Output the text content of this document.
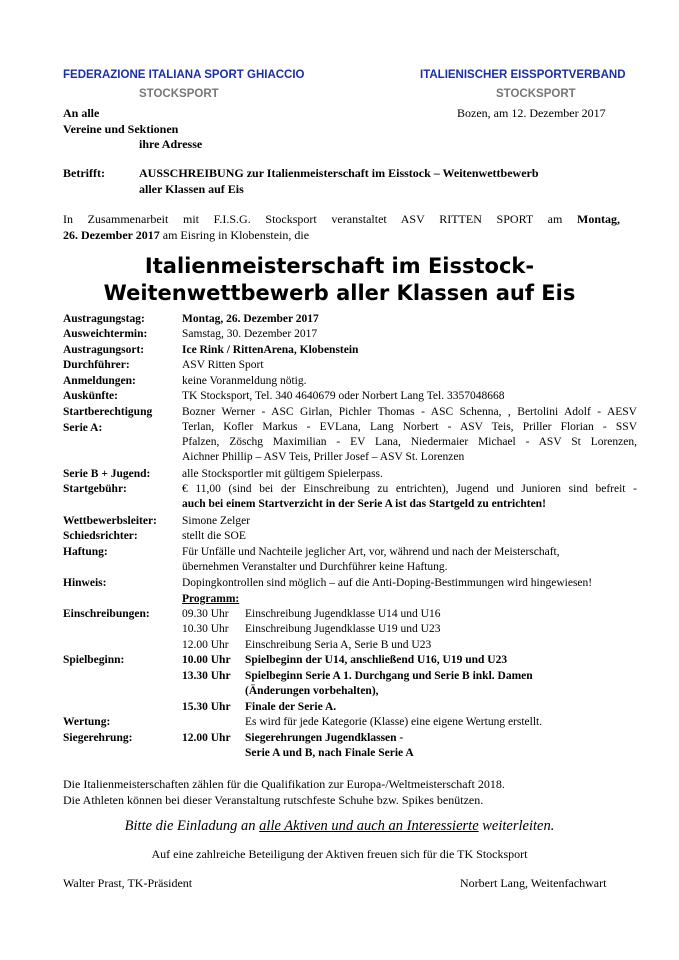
FEDERAZIONE ITALIANA SPORT GHIACCIO	ITALIENISCHER EISSPORTVERBAND
STOCKSPORT	STOCKSPORT
An alle
Vereine und Sektionen
ihre Adresse
Bozen, am 12. Dezember 2017
Betrifft:	AUSSCHREIBUNG zur Italienmeisterschaft im Eisstock – Weitenwettbewerb
aller Klassen auf Eis
In Zusammenarbeit mit F.I.S.G. Stocksport veranstaltet ASV RITTEN SPORT am Montag,
26. Dezember 2017 am Eisring in Klobenstein, die
Italienmeisterschaft im Eisstock-
Weitenwettbewerb aller Klassen auf Eis
Austragungstag:	Montag, 26. Dezember 2017
Ausweichtermin:	Samstag, 30. Dezember 2017
Austragungsort:	Ice Rink / RittenArena, Klobenstein
Durchführer:	ASV Ritten Sport
Anmeldungen:	keine Voranmeldung nötig.
Auskünfte:	TK Stocksport, Tel. 340 4640679 oder Norbert Lang Tel. 3357048668
Startberechtigung
Serie A:
Bozner Werner - ASC Girlan, Pichler Thomas - ASC Schenna, , Bertolini Adolf - AESV
Terlan, Kofler Markus - EVLana, Lang Norbert - ASV Teis, Priller Florian - SSV
Pfalzen, Zöschg Maximilian - EV Lana, Niedermaier Michael - ASV St Lorenzen,
Aichner Phillip – ASV Teis, Priller Josef – ASV St. Lorenzen
Serie B + Jugend:	alle Stocksportler mit gültigem Spielerpass.
Startgebühr:	€ 11,00 (sind bei der Einschreibung zu entrichten), Jugend und Junioren sind befreit -
auch bei einem Startverzicht in der Serie A ist das Startgeld zu entrichten!
Wettbewerbsleiter: Simone Zelger
Schiedsrichter:	stellt die SOE
Haftung:	Für Unfälle und Nachteile jeglicher Art, vor, während und nach der Meisterschaft,
übernehmen Veranstalter und Durchführer keine Haftung.
Hinweis:	Dopingkontrollen sind möglich – auf die Anti-Doping-Bestimmungen wird hingewiesen!
Programm:
Einschreibungen:	09.30 Uhr Einschreibung Jugendklasse U14 und U16
10.30 Uhr Einschreibung Jugendklasse U19 und U23
12.00 Uhr Einschreibung Seria A, Serie B und U23
Spielbeginn:	10.00 Uhr Spielbeginn der U14, anschließend U16, U19 und U23
13.30 Uhr Spielbeginn Serie A 1. Durchgang und Serie B inkl. Damen
(Änderungen vorbehalten),
15.30 Uhr Finale der Serie A.
Wertung:	Es wird für jede Kategorie (Klasse) eine eigene Wertung erstellt.
Siegerehrung:	12.00 Uhr Siegerehrungen Jugendklassen -
Serie A und B, nach Finale Serie A
Die Italienmeisterschaften zählen für die Qualifikation zur Europa-/Weltmeisterschaft 2018.
Die Athleten können bei dieser Veranstaltung rutschfeste Schuhe bzw. Spikes benützen.
Bitte die Einladung an alle Aktiven und auch an Interessierte weiterleiten.
Auf eine zahlreiche Beteiligung der Aktiven freuen sich für die TK Stocksport
Walter Prast, TK-Präsident	Norbert Lang, Weitenfachwart
